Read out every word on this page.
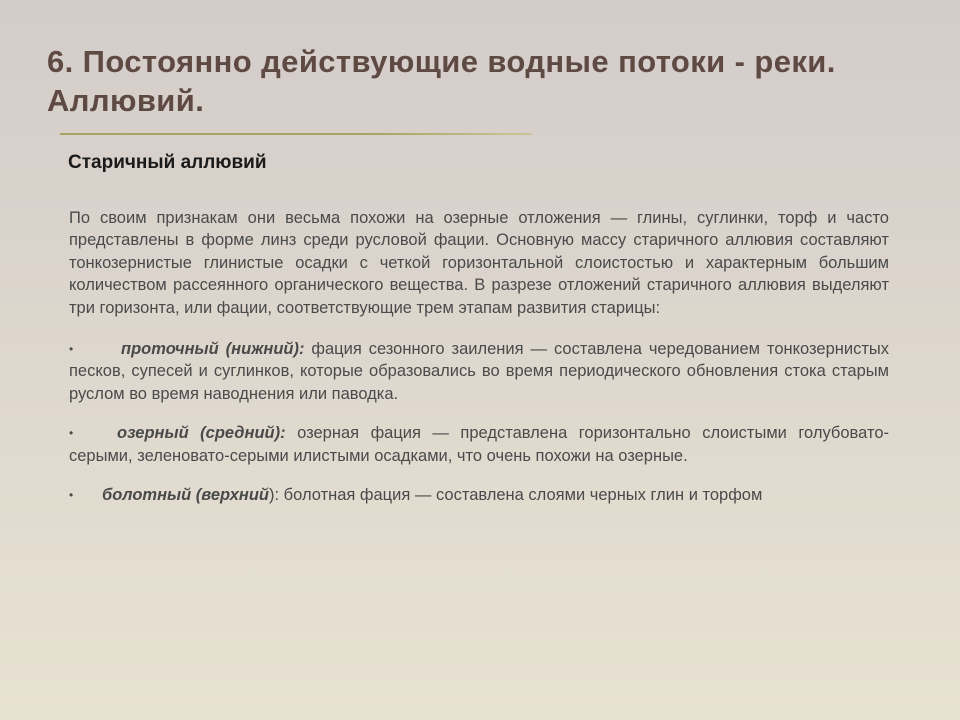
6. Постоянно действующие водные потоки - реки. Аллювий.
Старичный аллювий

По своим признакам они весьма похожи на озерные отложения — глины, суглинки, торф и часто представлены в форме линз среди русловой фации. Основную массу старичного аллювия составляют тонкозернистые глинистые осадки с четкой горизонтальной слоистостью и характерным большим количеством рассеянного органического вещества. В разрезе отложений старичного аллювия выделяют три горизонта, или фации, соответствующие трем этапам развития старицы:

•	проточный (нижний): фация сезонного заиления — составлена чередованием тонкозернистых песков, супесей и суглинков, которые образовались во время периодического обновления стока старым руслом во время наводнения или паводка.
•	озерный (средний): озерная фация — представлена горизонтально слоистыми голубовато-серыми, зеленовато-серыми илистыми осадками, что очень похожи на озерные.
•	болотный (верхний): болотная фация — составлена слоями черных глин и торфом
